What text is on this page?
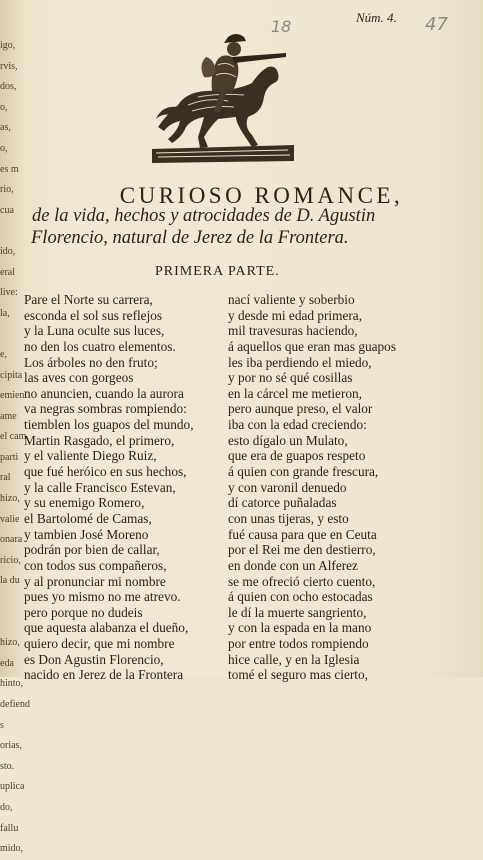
igo,
rvis,
dos,
o,
as,
o,
es m
rio,
cua
ido,
eral
live:
la,
e,
cipita
emien
ame
el cam
parti
ral
hizo,
valie
onara
ricio,
la du
hizo,
eda
hinto,
defiend
s
orias,
sto.
uplica
do,
fallu
mido,
Núm. 4.
18	47
CURIOSO ROMANCE,
de la vida, hechos y atrocidades de D. Agustin
Florencio, natural de Jerez de la Frontera.
PRIMERA PARTE.
Pare el Norte su carrera,
esconda el sol sus reflejos
y la Luna oculte sus luces,
no den los cuatro elementos.
Los árboles no den fruto;
las aves con gorgeos
no anuncien, cuando la aurora
va negras sombras rompiendo:
tiemblen los guapos del mundo,
Martin Rasgado, el primero,
y el valiente Diego Ruiz,
que fué heróico en sus hechos,
y la calle Francisco Estevan,
y su enemigo Romero,
el Bartolomé de Camas,
y tambien José Moreno
podrán por bien de callar,
con todos sus compañeros,
y al pronunciar mi nombre
pues yo mismo no me atrevo.
pero porque no dudeis
que aquesta alabanza el dueño,
quiero decir, que mi nombre
es Don Agustin Florencio,
nacido en Jerez de la Frontera
nací valiente y soberbio
y desde mi edad primera,
mil travesuras haciendo,
á aquellos que eran mas guapos
les iba perdiendo el miedo,
y por no sé qué cosillas
en la cárcel me metieron,
pero aunque preso, el valor
iba con la edad creciendo:
esto dígalo un Mulato,
que era de guapos respeto
á quien con grande frescura,
y con varonil denuedo
dí catorce puñaladas
con unas tijeras, y esto
fué causa para que en Ceuta
por el Rei me den destierro,
en donde con un Alferez
se me ofreció cierto cuento,
á quien con ocho estocadas
le dí la muerte sangriento,
y con la espada en la mano
por entre todos rompiendo
hice calle, y en la Iglesia
tomé el seguro mas cierto,
